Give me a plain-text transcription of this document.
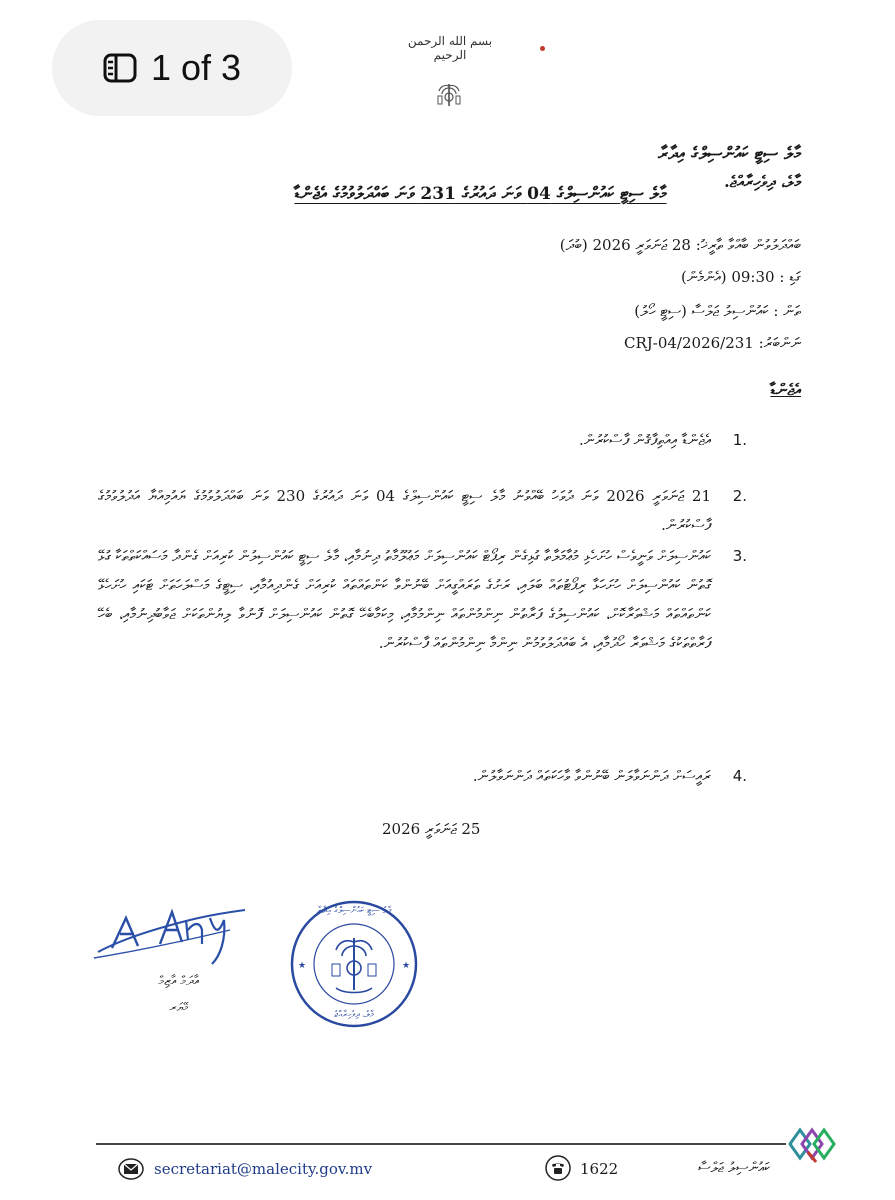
1 of 3
بسم الله الرحمن الرحيم
މާލެ ސިޓީ ކައުންސިލްގެ އިދާރާ
މާލެ، ދިވެހިރާއްޖެ.
މާލެ ސިޓީ ކައުންސިލްގެ 04 ވަނަ ދައުރުގެ 231 ވަނަ ބައްދަލުވުމުގެ އެޖެންޑާ
ބައްދަލުވުން ބާއްވާ ތާރީޚު: 28 ޖަނަވަރީ 2026 (ބުދަ)
ގަޑި : 09:30 (އެންމެން)
ތަން : ކައުންސިލު ޖަލްސާ (ސިޓީ ހޯލު)
CRJ-04/2026/231 ނަންބަރު:
އެޖެންޑާ
އެޖެންޑާ އިއްތިފާޤުން ފާސްކުރުން.	1.
21 ޖަނަވަރީ 2026 ވަނަ ދުވަހު ބޭއްވުނު މާލެ ސިޓީ ކައުންސިލްގެ 04 ވަނަ ދައުރުގެ 230 ވަނަ ބައްދަލުވުމުގެ ޔައުމިއްޔާ އަދުލުވުމުގެ ފާސްކުރުން.
2.
ކައުންސިލަށް ވަނީވެސް ހުށަހެޅި މުޢާމަލާތާ ގުޅިގެން ރިޕޯޓް ކައުންސިލަށް މަޢުލޫމާތު ދިނުމާއި، މާލެ ސިޓީ ކައުންސިލުން ކުރިއަށް ގެންދާ މަސައްކަތްތަކާ ގުޅޭ ގޮތުން ކައުންސިލަށް ހުށަހަޅާ ރިޕޯޓުތައް ބަލައި، ރަށުގެ ތަރައްގީއަށް ބޭނުންވާ ކަންތައްތައް ކުރިއަށް ގެންދިއުމާއި، ސިޓީގެ މަސްލަހަތަށް ޓަކައި ހުށަހެޅޭ ކަންތައްތައް މަޝްވަރާކޮށް، ކައުންސިލުގެ ފަރާތުން ނިންމުންތައް ނިންމުމާއި، މިކަމާބެހޭ ގޮތުން ކައުންސިލަށް ފޮނުވާ ލިޔުންތަކަށް ޖަވާބުދިނުމާއި، ބެހޭ ފަރާތްތަކުގެ މަޝްވަރާ ހޯދުމާއި، އެ ބައްދަލުވުމުން ނިންމާ ނިންމުންތައް ފާސްކުރުން.
3.
ރައީސަށް ދަންނަވާލަން ބޭނުންވާ ވާހަކަތައް ދަންނަވާލުން.	4.
25 ޖަނަވަރީ 2026
އާދަމް އާޒިމް
މޭޔަރ
★	★
މާލެ ސިޓީ ކައުންސިލްގެ އިދާރާ
މާލެ، ދިވެހިރާއްޖެ
secretariat@malecity.gov.mv	1622	ކައުންސިލު ޖަލްސާ
